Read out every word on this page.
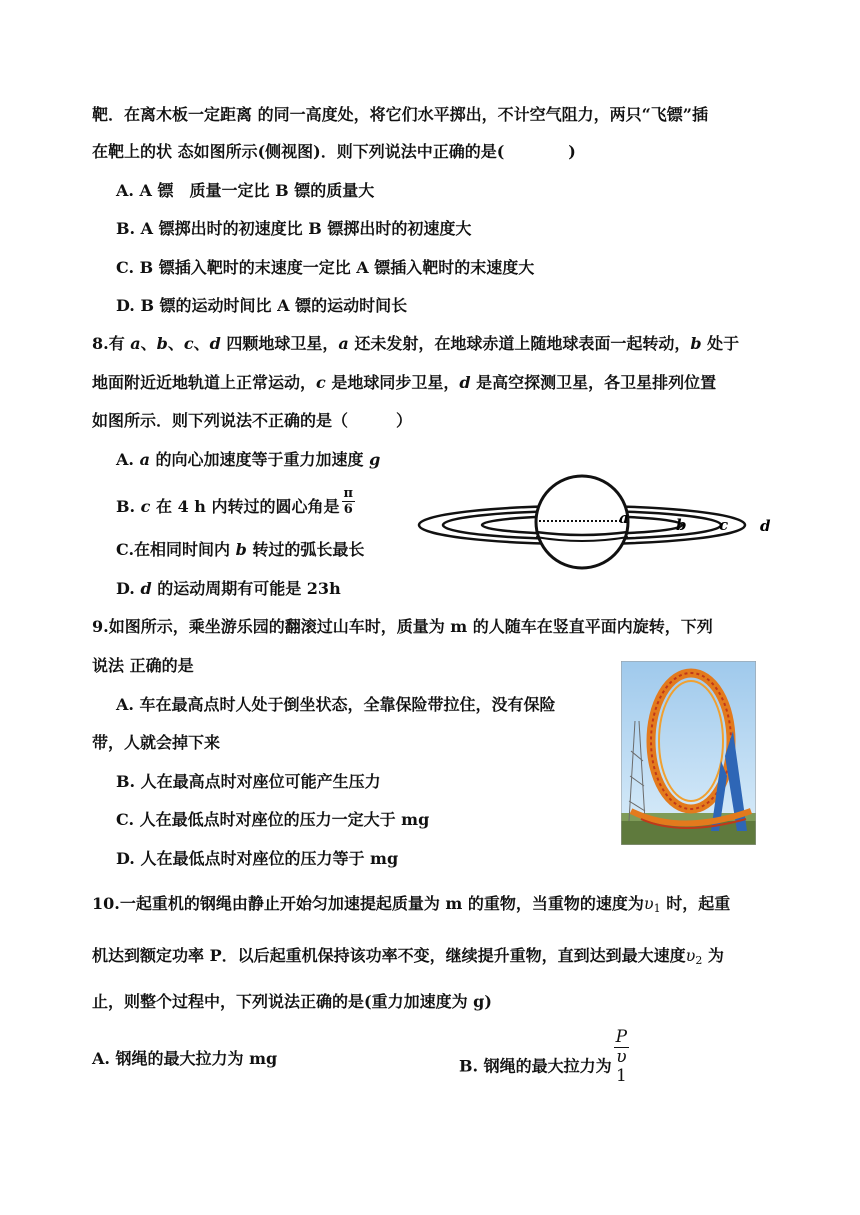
靶．在离木板一定距离 的同一高度处，将它们水平掷出，不计空气阻力，两只“飞镖”插
在靶上的状 态如图所示(侧视图)．则下列说法中正确的是(　　　　)
A. A 镖　质量一定比 B 镖的质量大
B. A 镖掷出时的初速度比 B 镖掷出时的初速度大
C. B 镖插入靶时的末速度一定比 A 镖插入靶时的末速度大
D. B 镖的运动时间比 A 镖的运动时间长
8.有 a、b、c、d 四颗地球卫星，a 还未发射，在地球赤道上随地球表面一起转动，b 处于
地面附近近地轨道上正常运动，c 是地球同步卫星，d 是高空探测卫星，各卫星排列位置
如图所示．则下列说法不正确的是（　　　）
A. a 的向心加速度等于重力加速度 g
B. c 在 4 h 内转过的圆心角是 $\frac{\pi}{6}$
C.在相同时间内 b 转过的弧长最长
D. d 的运动周期有可能是 23h
a	b c d
9.如图所示，乘坐游乐园的翻滚过山车时，质量为 m 的人随车在竖直平面内旋转，下列
说法 正确的是
A. 车在最高点时人处于倒坐状态，全靠保险带拉住，没有保险
带，人就会掉下来
B. 人在最高点时对座位可能产生压力
C. 人在最低点时对座位的压力一定大于 mg
D. 人在最低点时对座位的压力等于 mg
10.一起重机的钢绳由静止开始匀加速提起质量为 m 的重物，当重物的速度为$\upsilon_1$ 时，起重
机达到额定功率 P．以后起重机保持该功率不变，继续提升重物，直到达到最大速度$\upsilon_2$ 为
止，则整个过程中，下列说法正确的是(重力加速度为 g)
A. 钢绳的最大拉力为 mg	B. 钢绳的最大拉力为 P
υ
1
